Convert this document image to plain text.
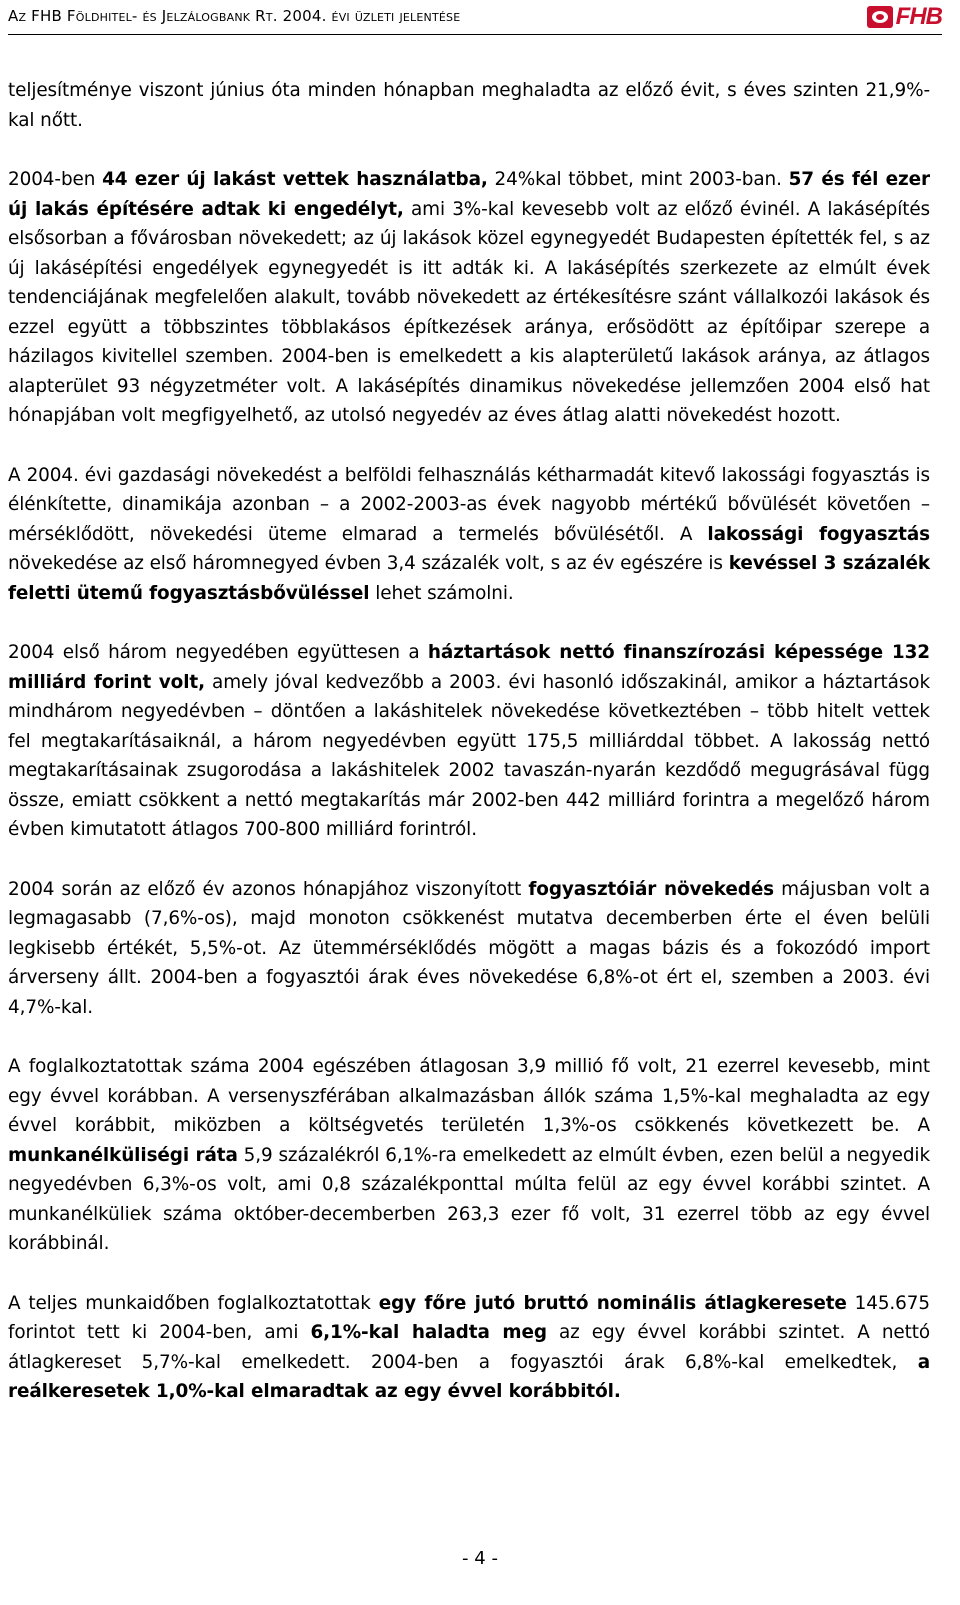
Az FHB Földhitel- és Jelzálogbank Rt. 2004. évi üzleti jelentése	FHB

teljesítménye viszont június óta minden hónapban meghaladta az előző évit, s éves szinten 21,9%-kal nőtt.

2004-ben 44 ezer új lakást vettek használatba, 24%kal többet, mint 2003-ban. 57 és fél ezer új lakás építésére adtak ki engedélyt, ami 3%-kal kevesebb volt az előző évinél. A lakásépítés elsősorban a fővárosban növekedett; az új lakások közel egynegyedét Budapesten építették fel, s az új lakásépítési engedélyek egynegyedét is itt adták ki. A lakásépítés szerkezete az elmúlt évek tendenciájának megfelelően alakult, tovább növekedett az értékesítésre szánt vállalkozói lakások és ezzel együtt a többszintes többlakásos építkezések aránya, erősödött az építőipar szerepe a házilagos kivitellel szemben. 2004-ben is emelkedett a kis alapterületű lakások aránya, az átlagos alapterület 93 négyzetméter volt. A lakásépítés dinamikus növekedése jellemzően 2004 első hat hónapjában volt megfigyelhető, az utolsó negyedév az éves átlag alatti növekedést hozott.

A 2004. évi gazdasági növekedést a belföldi felhasználás kétharmadát kitevő lakossági fogyasztás is élénkítette, dinamikája azonban – a 2002-2003-as évek nagyobb mértékű bővülését követően – mérséklődött, növekedési üteme elmarad a termelés bővülésétől. A lakossági fogyasztás növekedése az első háromnegyed évben 3,4 százalék volt, s az év egészére is kevéssel 3 százalék feletti ütemű fogyasztásbővüléssel lehet számolni.

2004 első három negyedében együttesen a háztartások nettó finanszírozási képessége 132 milliárd forint volt, amely jóval kedvezőbb a 2003. évi hasonló időszakinál, amikor a háztartások mindhárom negyedévben – döntően a lakáshitelek növekedése következtében – több hitelt vettek fel megtakarításaiknál, a három negyedévben együtt 175,5 milliárddal többet. A lakosság nettó megtakarításainak zsugorodása a lakáshitelek 2002 tavaszán-nyarán kezdődő megugrásával függ össze, emiatt csökkent a nettó megtakarítás már 2002-ben 442 milliárd forintra a megelőző három évben kimutatott átlagos 700-800 milliárd forintról.

2004 során az előző év azonos hónapjához viszonyított fogyasztóiár növekedés májusban volt a legmagasabb (7,6%-os), majd monoton csökkenést mutatva decemberben érte el éven belüli legkisebb értékét, 5,5%-ot. Az ütemmérséklődés mögött a magas bázis és a fokozódó import árverseny állt. 2004-ben a fogyasztói árak éves növekedése 6,8%-ot ért el, szemben a 2003. évi 4,7%-kal.

A foglalkoztatottak száma 2004 egészében átlagosan 3,9 millió fő volt, 21 ezerrel kevesebb, mint egy évvel korábban. A versenyszférában alkalmazásban állók száma 1,5%-kal meghaladta az egy évvel korábbit, miközben a költségvetés területén 1,3%-os csökkenés következett be. A munkanélküliségi ráta 5,9 százalékról 6,1%-ra emelkedett az elmúlt évben, ezen belül a negyedik negyedévben 6,3%-os volt, ami 0,8 százalékponttal múlta felül az egy évvel korábbi szintet. A munkanélküliek száma október-decemberben 263,3 ezer fő volt, 31 ezerrel több az egy évvel korábbinál.

A teljes munkaidőben foglalkoztatottak egy főre jutó bruttó nominális átlagkeresete 145.675 forintot tett ki 2004-ben, ami 6,1%-kal haladta meg az egy évvel korábbi szintet. A nettó átlagkereset 5,7%-kal emelkedett. 2004-ben a fogyasztói árak 6,8%-kal emelkedtek, a reálkeresetek 1,0%-kal elmaradtak az egy évvel korábbitól.

- 4 -
